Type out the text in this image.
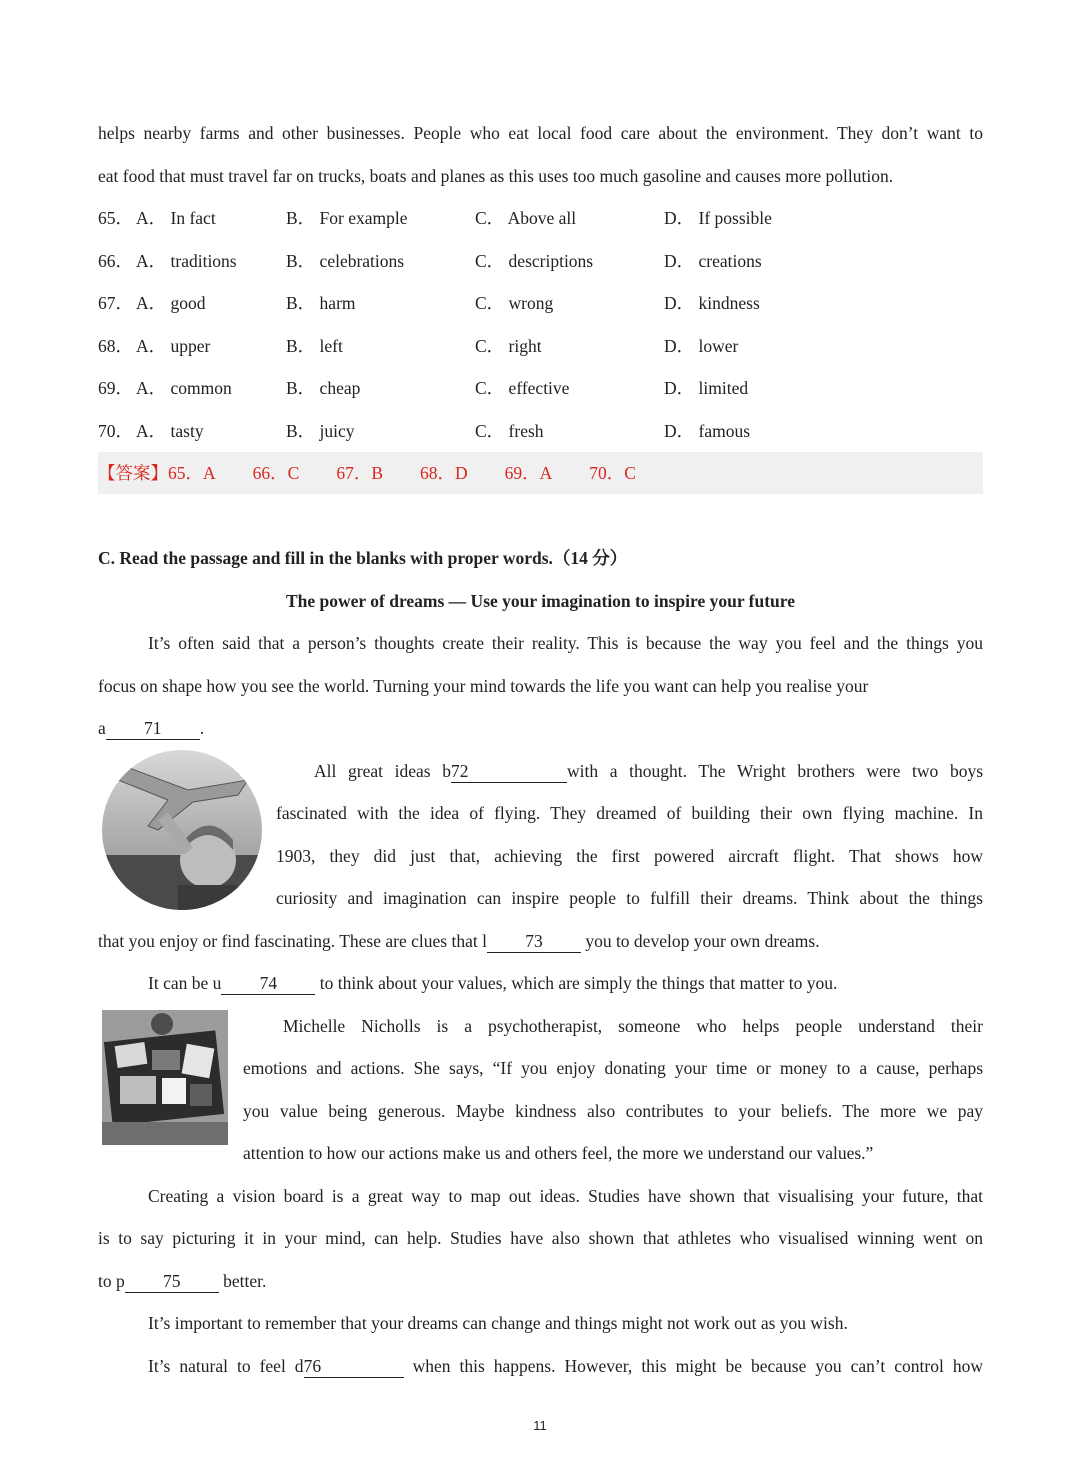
helps nearby farms and other businesses. People who eat local food care about the environment. They don’t want to
eat food that must travel far on trucks, boats and planes as this uses too much gasoline and causes more pollution.
65． A． In fact	B． For example	C． Above all	D． If possible
66． A． traditions	B． celebrations	C． descriptions	D． creations
67． A． good	B． harm	C． wrong	D． kindness
68． A． upper	B． left	C． right	D． lower
69． A． common	B． cheap	C． effective	D． limited
70． A． tasty	B． juicy	C． fresh	D． famous
【答案】65．A 66．C 67．B 68．D 69．A 70．C
C. Read the passage and fill in the blanks with proper words.（14 分）
The power of dreams — Use your imagination to inspire your future
It’s often said that a person’s thoughts create their reality. This is because the way you feel and the things you
focus on shape how you see the world. Turning your mind towards the life you want can help you realise your
a 71 .
All great ideas b72	with a thought. The Wright brothers were two boys
fascinated with the idea of flying. They dreamed of building their own flying machine. In
1903, they did just that, achieving the first powered aircraft flight. That shows how
curiosity and imagination can inspire people to fulfill their dreams. Think about the things
that you enjoy or find fascinating. These are clues that l 73 you to develop your own dreams.
It can be u 74 to think about your values, which are simply the things that matter to you.
Michelle Nicholls is a psychotherapist, someone who helps people understand their
emotions and actions. She says, “If you enjoy donating your time or money to a cause, perhaps
you value being generous. Maybe kindness also contributes to your beliefs. The more we pay
attention to how our actions make us and others feel, the more we understand our values.”
Creating a vision board is a great way to map out ideas. Studies have shown that visualising your future, that
is to say picturing it in your mind, can help. Studies have also shown that athletes who visualised winning went on
to p 75 better.
It’s important to remember that your dreams can change and things might not work out as you wish.
It’s natural to feel d76	when this happens. However, this might be because you can’t control how
11
